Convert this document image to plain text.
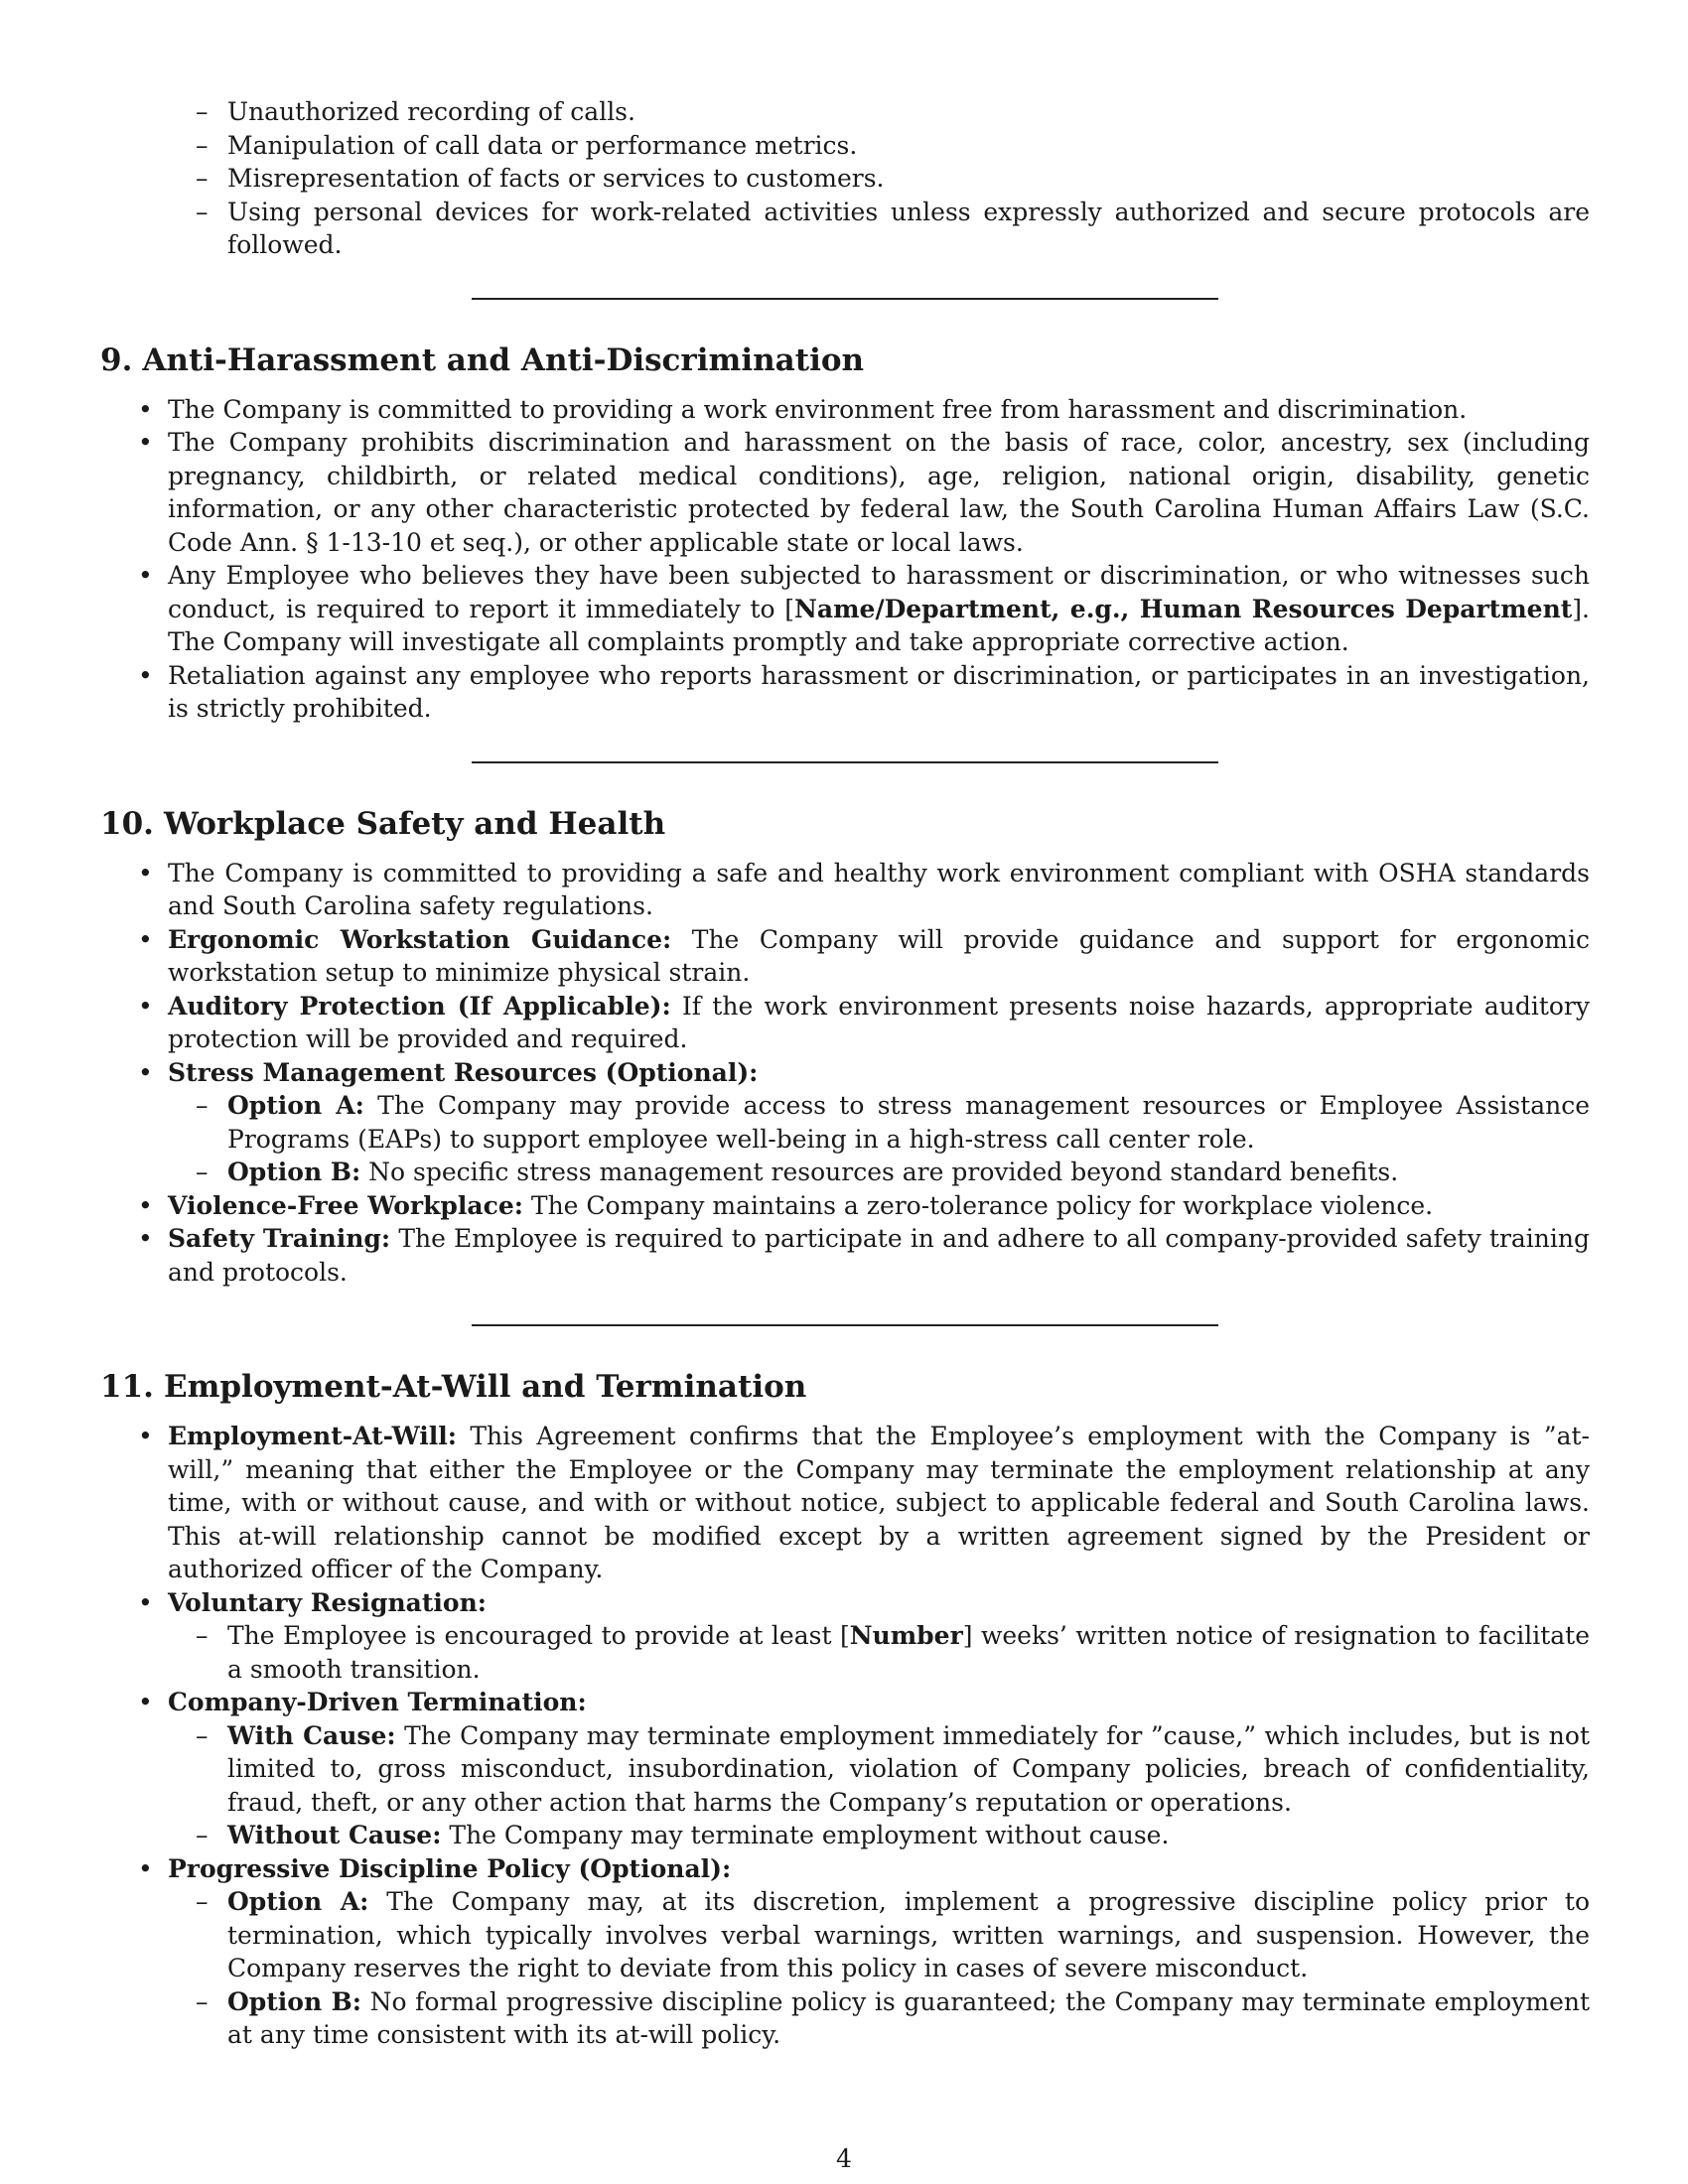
– Unauthorized recording of calls.
– Manipulation of call data or performance metrics.
– Misrepresentation of facts or services to customers.
– Using personal devices for work-related activities unless expressly authorized and secure protocols are followed.
9. Anti-Harassment and Anti-Discrimination
• The Company is committed to providing a work environment free from harassment and discrimination.
• The Company prohibits discrimination and harassment on the basis of race, color, ancestry, sex (including pregnancy, childbirth, or related medical conditions), age, religion, national origin, disability, genetic information, or any other characteristic protected by federal law, the South Carolina Human Affairs Law (S.C. Code Ann. § 1-13-10 et seq.), or other applicable state or local laws.
• Any Employee who believes they have been subjected to harassment or discrimination, or who witnesses such conduct, is required to report it immediately to [Name/Department, e.g., Human Resources Department]. The Company will investigate all complaints promptly and take appropriate corrective action.
• Retaliation against any employee who reports harassment or discrimination, or participates in an investigation, is strictly prohibited.
10. Workplace Safety and Health
• The Company is committed to providing a safe and healthy work environment compliant with OSHA standards and South Carolina safety regulations.
• Ergonomic Workstation Guidance: The Company will provide guidance and support for ergonomic workstation setup to minimize physical strain.
• Auditory Protection (If Applicable): If the work environment presents noise hazards, appropriate auditory protection will be provided and required.
• Stress Management Resources (Optional):
– Option A: The Company may provide access to stress management resources or Employee Assistance Programs (EAPs) to support employee well-being in a high-stress call center role.
– Option B: No specific stress management resources are provided beyond standard benefits.
• Violence-Free Workplace: The Company maintains a zero-tolerance policy for workplace violence.
• Safety Training: The Employee is required to participate in and adhere to all company-provided safety training and protocols.
11. Employment-At-Will and Termination
• Employment-At-Will: This Agreement confirms that the Employee’s employment with the Company is ”at-will,” meaning that either the Employee or the Company may terminate the employment relationship at any time, with or without cause, and with or without notice, subject to applicable federal and South Carolina laws. This at-will relationship cannot be modified except by a written agreement signed by the President or authorized officer of the Company.
• Voluntary Resignation:
– The Employee is encouraged to provide at least [Number] weeks’ written notice of resignation to facilitate a smooth transition.
• Company-Driven Termination:
– With Cause: The Company may terminate employment immediately for ”cause,” which includes, but is not limited to, gross misconduct, insubordination, violation of Company policies, breach of confidentiality, fraud, theft, or any other action that harms the Company’s reputation or operations.
– Without Cause: The Company may terminate employment without cause.
• Progressive Discipline Policy (Optional):
– Option A: The Company may, at its discretion, implement a progressive discipline policy prior to termination, which typically involves verbal warnings, written warnings, and suspension. However, the Company reserves the right to deviate from this policy in cases of severe misconduct.
– Option B: No formal progressive discipline policy is guaranteed; the Company may terminate employment at any time consistent with its at-will policy.
4
